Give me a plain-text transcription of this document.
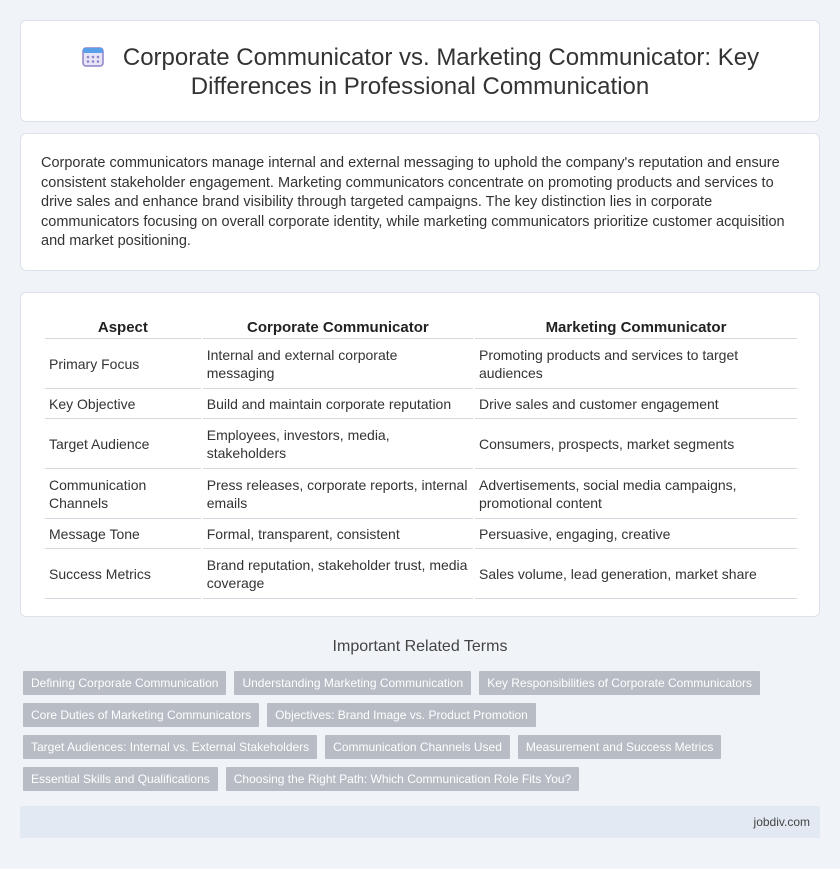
Corporate Communicator vs. Marketing Communicator: Key Differences in Professional Communication

Corporate communicators manage internal and external messaging to uphold the company's reputation and ensure consistent stakeholder engagement. Marketing communicators concentrate on promoting products and services to drive sales and enhance brand visibility through targeted campaigns. The key distinction lies in corporate communicators focusing on overall corporate identity, while marketing communicators prioritize customer acquisition and market positioning.

Aspect	Corporate Communicator	Marketing Communicator
Primary Focus	Internal and external corporate messaging	Promoting products and services to target audiences
Key Objective	Build and maintain corporate reputation	Drive sales and customer engagement
Target Audience	Employees, investors, media, stakeholders	Consumers, prospects, market segments
Communication Channels	Press releases, corporate reports, internal emails	Advertisements, social media campaigns, promotional content
Message Tone	Formal, transparent, consistent	Persuasive, engaging, creative
Success Metrics	Brand reputation, stakeholder trust, media coverage	Sales volume, lead generation, market share
Important Related Terms
Defining Corporate Communication	Understanding Marketing Communication	Key Responsibilities of Corporate Communicators
Core Duties of Marketing Communicators	Objectives: Brand Image vs. Product Promotion
Target Audiences: Internal vs. External Stakeholders	Communication Channels Used	Measurement and Success Metrics
Essential Skills and Qualifications	Choosing the Right Path: Which Communication Role Fits You?
jobdiv.com
